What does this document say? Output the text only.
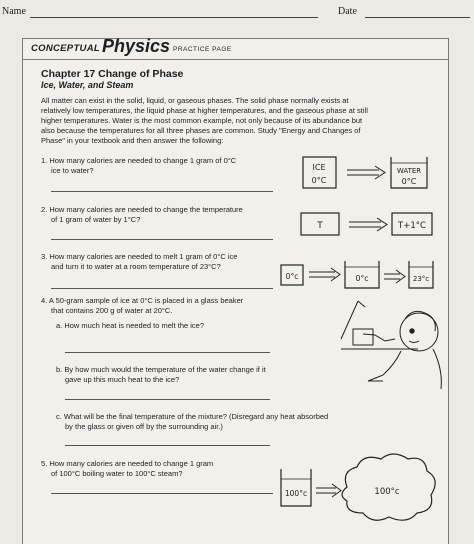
Name	Date
CONCEPTUAL Physics PRACTICE PAGE
Chapter 17 Change of Phase
Ice, Water, and Steam
All matter can exist in the solid, liquid, or gaseous phases. The solid phase normally exists at
relatively low temperatures, the liquid phase at higher temperatures, and the gaseous phase at still
higher temperatures. Water is the most common example, not only because of its abundance but
also because the temperatures for all three phases are common. Study "Energy and Changes of
Phase" in your textbook and then answer the following:
1. How many calories are needed to change 1 gram of 0°C
ice to water?
2. How many calories are needed to change the temperature
of 1 gram of water by 1°C?
3. How many calories are needed to melt 1 gram of 0°C ice
and turn it to water at a room temperature of 23°C?
4. A 50-gram sample of ice at 0°C is placed in a glass beaker
that contains 200 g of water at 20°C.
a. How much heat is needed to melt the ice?
b. By how much would the temperature of the water change if it
gave up this much heat to the ice?
c. What will be the final temperature of the mixture? (Disregard any heat absorbed
by the glass or given off by the surrounding air.)
5. How many calories are needed to change 1 gram
of 100°C boiling water to 100°C steam?
ICE
0°C
WATER
0°C
T	T+1°C
0°c	0°c	23°c
100°c	100°c
